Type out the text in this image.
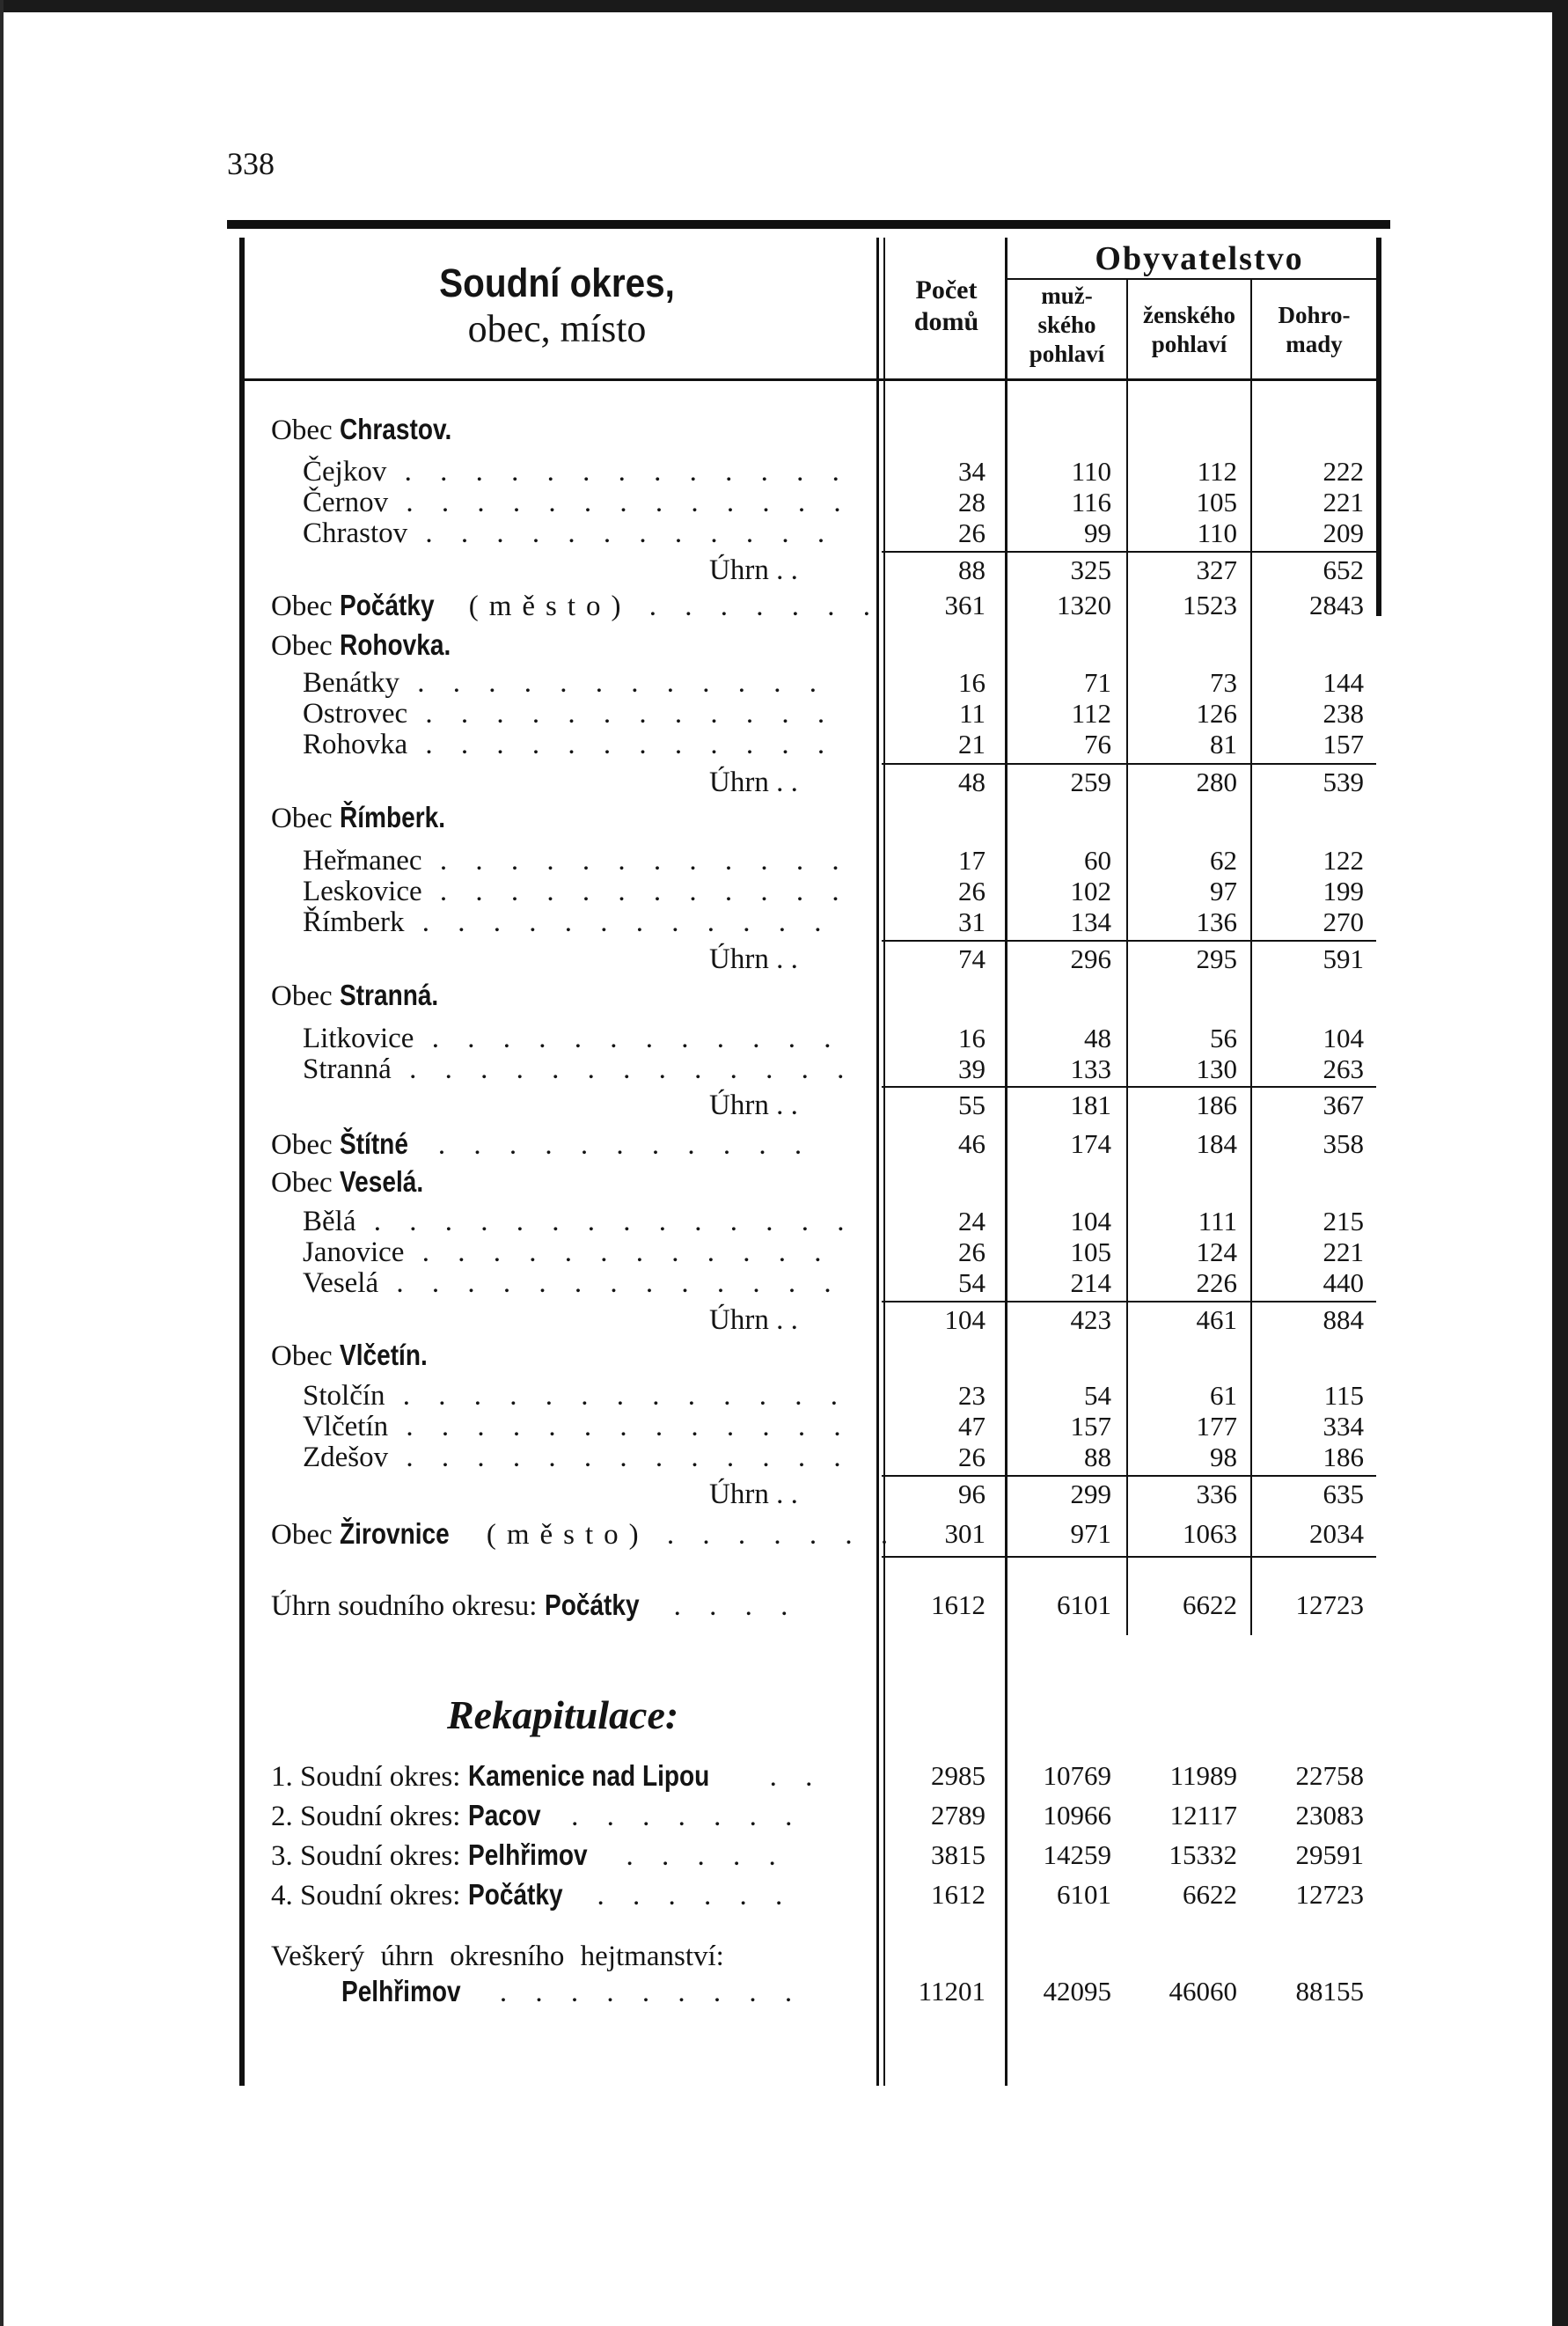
338
Soudní okres,
obec, místo
Počet
domů
Obyvatelstvo
muž-
ského
pohlaví
ženského
pohlaví
Dohro-
mady
Obec Chrastov.
Čejkov . . . . . . . . . . . . .	34	110	112	222
Černov . . . . . . . . . . . . .	28	116	105	221
Chrastov . . . . . . . . . . . .	26	99	110	209
Úhrn . .	88	325	327	652
Obec Počátky (město) . . . . . . .	361	1320	1523	2843
Obec Rohovka.
Benátky . . . . . . . . . . . .	16	71	73	144
Ostrovec . . . . . . . . . . . .	11	112	126	238
Rohovka . . . . . . . . . . . .	21	76	81	157
Úhrn . .	48	259	280	539
Obec Římberk.
Heřmanec . . . . . . . . . . . .	17	60	62	122
Leskovice . . . . . . . . . . . .	26	102	97	199
Římberk . . . . . . . . . . . .	31	134	136	270
Úhrn . .	74	296	295	591
Obec Stranná.
Litkovice . . . . . . . . . . . .	16	48	56	104
Stranná . . . . . . . . . . . . .	39	133	130	263
Úhrn . .	55	181	186	367
Obec Štítné . . . . . . . . . . .	46	174	184	358
Obec Veselá.
Bělá . . . . . . . . . . . . . .	24	104	111	215
Janovice . . . . . . . . . . . .	26	105	124	221
Veselá . . . . . . . . . . . . .	54	214	226	440
Úhrn . .	104	423	461	884
Obec Vlčetín.
Stolčín . . . . . . . . . . . . .	23	54	61	115
Vlčetín . . . . . . . . . . . . .	47	157	177	334
Zdešov . . . . . . . . . . . . .	26	88	98	186
Úhrn . .	96	299	336	635
Obec Žirovnice (město) . . . . . . .	301	971	1063	2034
Úhrn soudního okresu: Počátky . . . .	1612	6101	6622	12723
Rekapitulace:
1. Soudní okres: Kamenice nad Lipou . .	2985	10769	11989	22758
2. Soudní okres: Pacov . . . . . . .	2789	10966	12117	23083
3. Soudní okres: Pelhřimov . . . . .	3815	14259	15332	29591
4. Soudní okres: Počátky . . . . . .	1612	6101	6622	12723
Veškerý úhrn okresního hejtmanství:
Pelhřimov . . . . . . . . .	11201	42095	46060	88155
